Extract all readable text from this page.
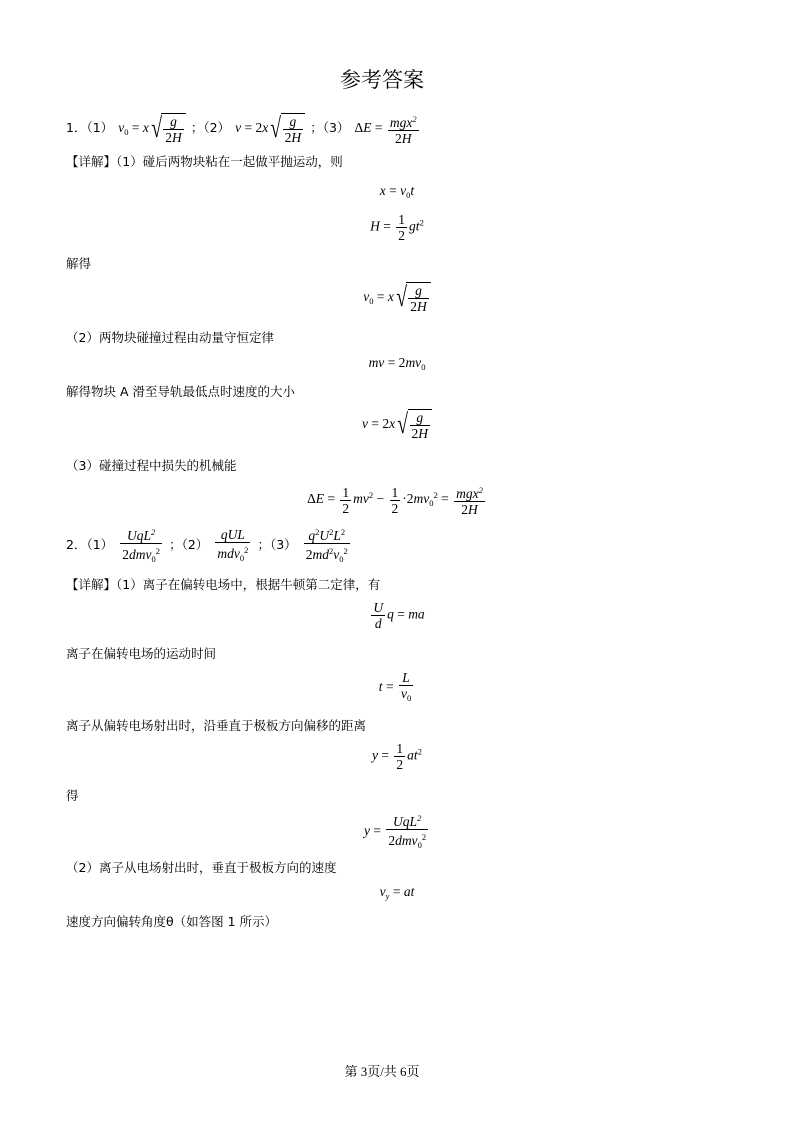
参考答案
1．（1） $v_0 = x√ \frac{g}{2H}$ ；（2） $v = 2x√ \frac{g}{2H}$ ；（3） $\Delta E = \frac{mgx^2}{2H}$
【详解】（1）碰后两物块粘在一起做平抛运动，则
$x = v_0t$
$H = \frac{1}{2} gt^2$
解得
$v_0 = x√ \frac{g}{2H}$
（2）两物块碰撞过程由动量守恒定律
mv = $2mv_0$
解得物块 A 滑至导轨最低点时速度的大小
$v = 2x√ \frac{g}{2H}$
（3）碰撞过程中损失的机械能
$\Delta E = \frac{1}{2} mv^2 - \frac{1}{2} \cdot 2mv_0^2 = \frac{mgx^2}{2H}$
2．$(1) \frac{UqL^2}{2dmv_0^2}$ ；$(2) \frac{\text{qUL}}{mdv_0^2}$ ；$(3) \frac{q^2U^2L^2}{2md^2v_0^2}$
【详解】（1）离子在偏转电场中，根据牛顿第二定律，有
$\frac{U}{d}$ q = ma
离子在偏转电场的运动时间
$t = \frac{L}{v_0}$
离子从偏转电场射出时，沿垂直于极板方向偏移的距离
$y = \frac{1}{2} at^2$
得
$y = \frac{UqL^2}{2dmv_0^2}$
（2）离子从电场射出时，垂直于极板方向的速度
$v_y$ = at
速度方向偏转角度θ（如答图 1 所示）
第 3页/共 6页
